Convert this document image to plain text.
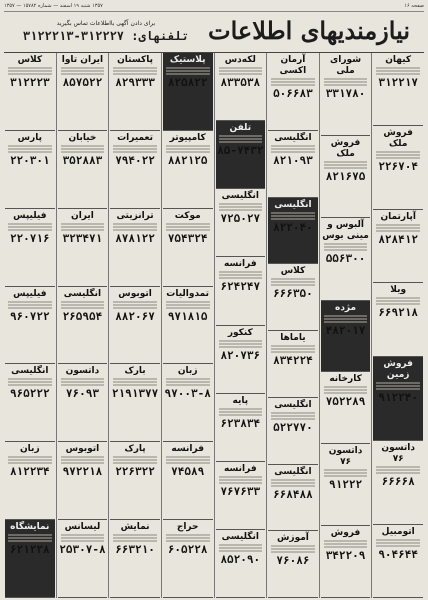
صفحه ۱۶
۱۳۵۷ شنبه ۱۹ اسفند — شماره ۱۵۷۸۲ — ۱۳۵۷
نیازمندیهای اطلاعات
برای دادن آگهی بااطلاعات تماس بگیرید
تلفنهای: ۳۱۲۲۲۷-۳۱۲۲۲۱۳
کیهان
۳۱۲۲۱۷
فروش ملک
۲۲۶۷۰۴
آپارتمان
۸۲۸۴۱۲
ویلا
۶۶۹۲۱۸
فروش زمین
۹۱۲۲۴۰
داتسون ۷۶
۶۶۶۶۸
اتومبیل
۹۰۴۶۴۴
شورای ملی
۳۳۱۷۸۰
فروش ملک
۸۲۱۶۷۵
آلبوس و مینی بوس
۵۵۶۳۰۰
مژده
۴۸۲۰۱۷
کارخانه
۷۵۲۲۸۹
داتسون ۷۶
۹۱۲۲۲
فروش
۳۴۲۲۰۹
آرمان اکسی
۵۰۶۶۸۳
انگلیسی
۸۲۱۰۹۳
انگلیسی
۸۲۲۰۴۰
کلاس
۶۶۶۳۵۰
یاماها
۸۳۴۲۲۴
انگلیسی
۵۲۲۷۷۰
انگلیسی
۶۶۸۴۸۸
آموزش
۷۶۰۸۶
لکه‌دس
۸۳۳۵۳۸
تلفن
۸۵-۷۴۳۲
انگلیسی
۷۲۵۰۲۷
فرانسه
۶۲۴۲۴۷
کنکور
۸۲۰۷۳۶
پایه
۶۲۳۸۳۴
فرانسه
۷۶۷۶۳۳
انگلیسی
۸۵۲۰۹۰
پلاستیک
۸۲۵۸۲۲
کامپیوتر
۸۸۲۱۲۵
موکت
۷۵۴۳۲۴
تمدوالیات
۹۷۱۸۱۵
زبان
۹۷۰۰۳-۸
فرانسه
۷۴۵۸۹
حراج
۶۰۵۲۲۸
پاکستان
۸۲۹۳۳۳
تعمیرات
۷۹۴۰۲۲
ترانزیتی
۸۷۸۱۲۲
اتوبوس
۸۸۲۰۶۷
بارک
۲۱۹۱۳۷۷
پارک
۲۲۶۳۲۲
نمایش
۶۶۳۲۱۰
ایران تاوا
۸۵۷۵۲۲
خیابان
۳۵۲۸۸۳
ایران
۳۲۳۴۷۱
انگلیسی
۲۶۵۹۵۴
داتسون
۷۶۰۹۳
اتوبوس
۹۷۲۲۱۸
لیسانس
۲۵۳۰۷-۸
کلاس
۳۱۲۲۲۳
پارس
۲۲۰۳۰۱
فیلیپس
۲۲۰۷۱۶
فیلیپس
۹۶۰۷۲۲
انگلیسی
۹۶۵۲۲۲
زبان
۸۱۲۲۳۴
نمایشگاه
۶۲۱۲۲۸
